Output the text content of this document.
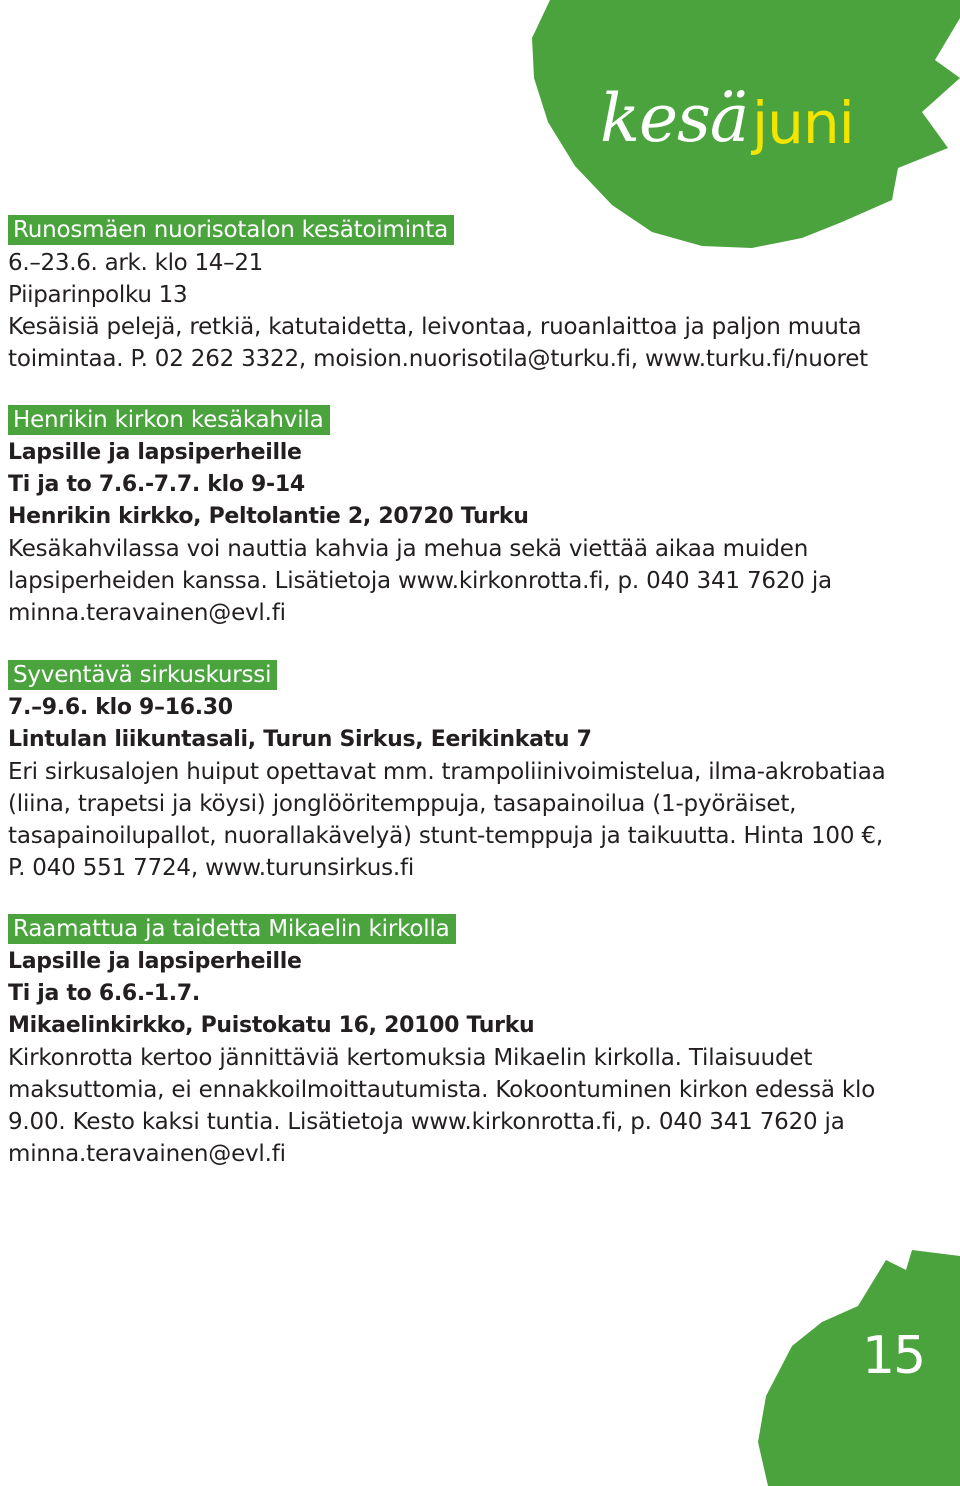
kesä juni
15
Runosmäen nuorisotalon kesätoiminta
6.–23.6. ark. klo 14–21
Piiparinpolku 13
Kesäisiä pelejä, retkiä, katutaidetta, leivontaa, ruoanlaittoa ja paljon muuta toimintaa. P. 02 262 3322, moision.nuorisotila@turku.fi, www.turku.fi/nuoret
Henrikin kirkon kesäkahvila
Lapsille ja lapsiperheille
Ti ja to 7.6.-7.7. klo 9-14
Henrikin kirkko, Peltolantie 2, 20720 Turku
Kesäkahvilassa voi nauttia kahvia ja mehua sekä viettää aikaa muiden lapsiperheiden kanssa. Lisätietoja www.kirkonrotta.fi, p. 040 341 7620 ja minna.teravainen@evl.fi
Syventävä sirkuskurssi
7.–9.6. klo 9–16.30
Lintulan liikuntasali, Turun Sirkus, Eerikinkatu 7
Eri sirkusalojen huiput opettavat mm. trampoliinivoimistelua, ilma-akrobatiaa (liina, trapetsi ja köysi) jonglööritemppuja, tasapainoilua (1-pyöräiset, tasapainoilupallot, nuorallakävelyä) stunt-temppuja ja taikuutta. Hinta 100 €, P. 040 551 7724, www.turunsirkus.fi
Raamattua ja taidetta Mikaelin kirkolla
Lapsille ja lapsiperheille
Ti ja to 6.6.-1.7.
Mikaelinkirkko, Puistokatu 16, 20100 Turku
Kirkonrotta kertoo jännittäviä kertomuksia Mikaelin kirkolla. Tilaisuudet maksuttomia, ei ennakkoilmoittautumista. Kokoontuminen kirkon edessä klo 9.00. Kesto kaksi tuntia. Lisätietoja www.kirkonrotta.fi, p. 040 341 7620 ja minna.teravainen@evl.fi
